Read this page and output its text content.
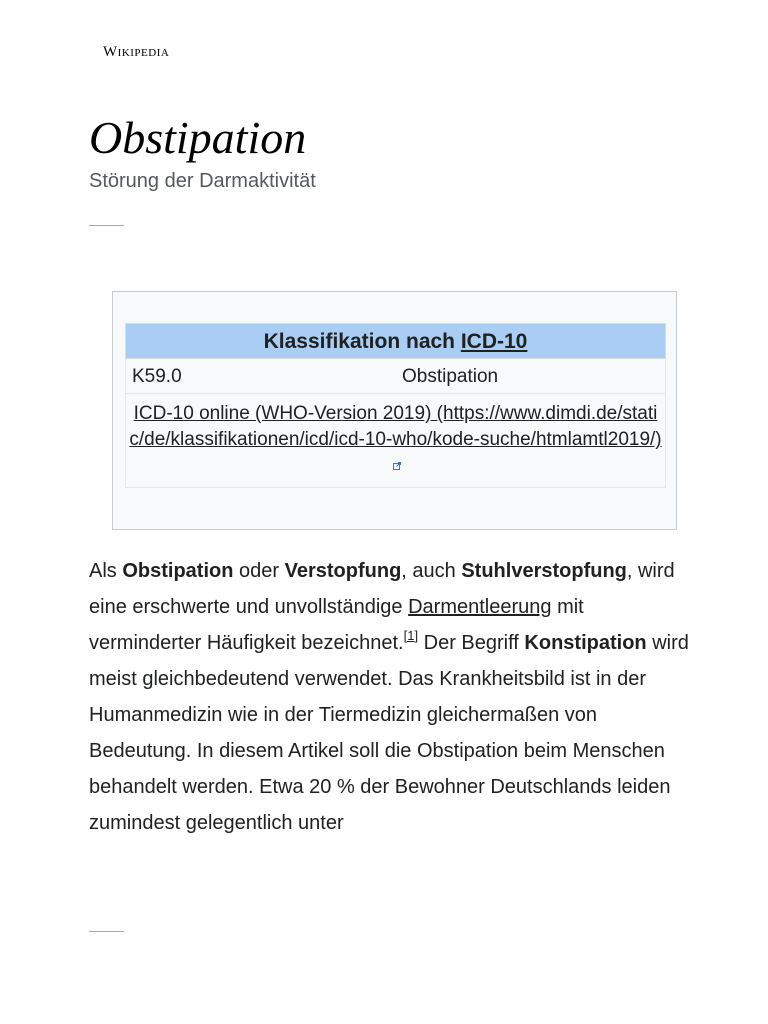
Wikipedia
Obstipation
Störung der Darmaktivität
Klassifikation nach ICD-10
K59.0	Obstipation
ICD-10 online (WHO-Version 2019) (https://www.dimdi.de/static/de/klassifikationen/icd/icd-10-who/kode-suche/htmlamtl2019/)

Als Obstipation oder Verstopfung, auch Stuhlverstopfung, wird eine erschwerte und unvollständige Darmentleerung mit verminderter Häufigkeit bezeichnet.[1] Der Begriff Konstipation wird meist gleichbedeutend verwendet. Das Krankheitsbild ist in der Humanmedizin wie in der Tiermedizin gleichermaßen von Bedeutung. In diesem Artikel soll die Obstipation beim Menschen behandelt werden. Etwa 20 % der Bewohner Deutschlands leiden zumindest gelegentlich unter
